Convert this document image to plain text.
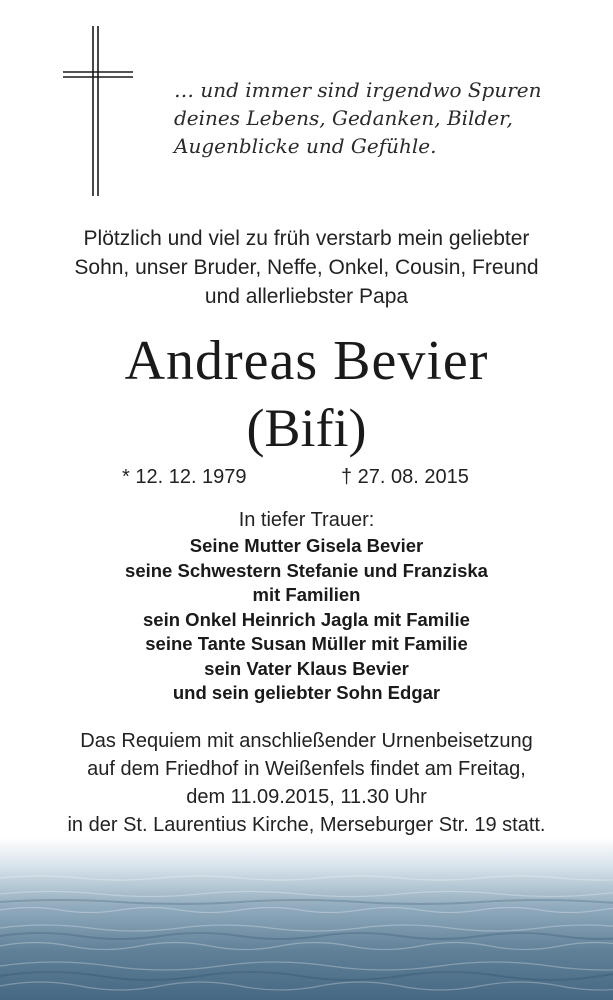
… und immer sind irgendwo Spuren
deines Lebens, Gedanken, Bilder,
Augenblicke und Gefühle.
Plötzlich und viel zu früh verstarb mein geliebter
Sohn, unser Bruder, Neffe, Onkel, Cousin, Freund
und allerliebster Papa
Andreas Bevier
(Bifi)
* 12. 12. 1979	† 27. 08. 2015
In tiefer Trauer:
Seine Mutter Gisela Bevier
seine Schwestern Stefanie und Franziska
mit Familien
sein Onkel Heinrich Jagla mit Familie
seine Tante Susan Müller mit Familie
sein Vater Klaus Bevier
und sein geliebter Sohn Edgar
Das Requiem mit anschließender Urnenbeisetzung
auf dem Friedhof in Weißenfels findet am Freitag,
dem 11.09.2015, 11.30 Uhr
in der St. Laurentius Kirche, Merseburger Str. 19 statt.
